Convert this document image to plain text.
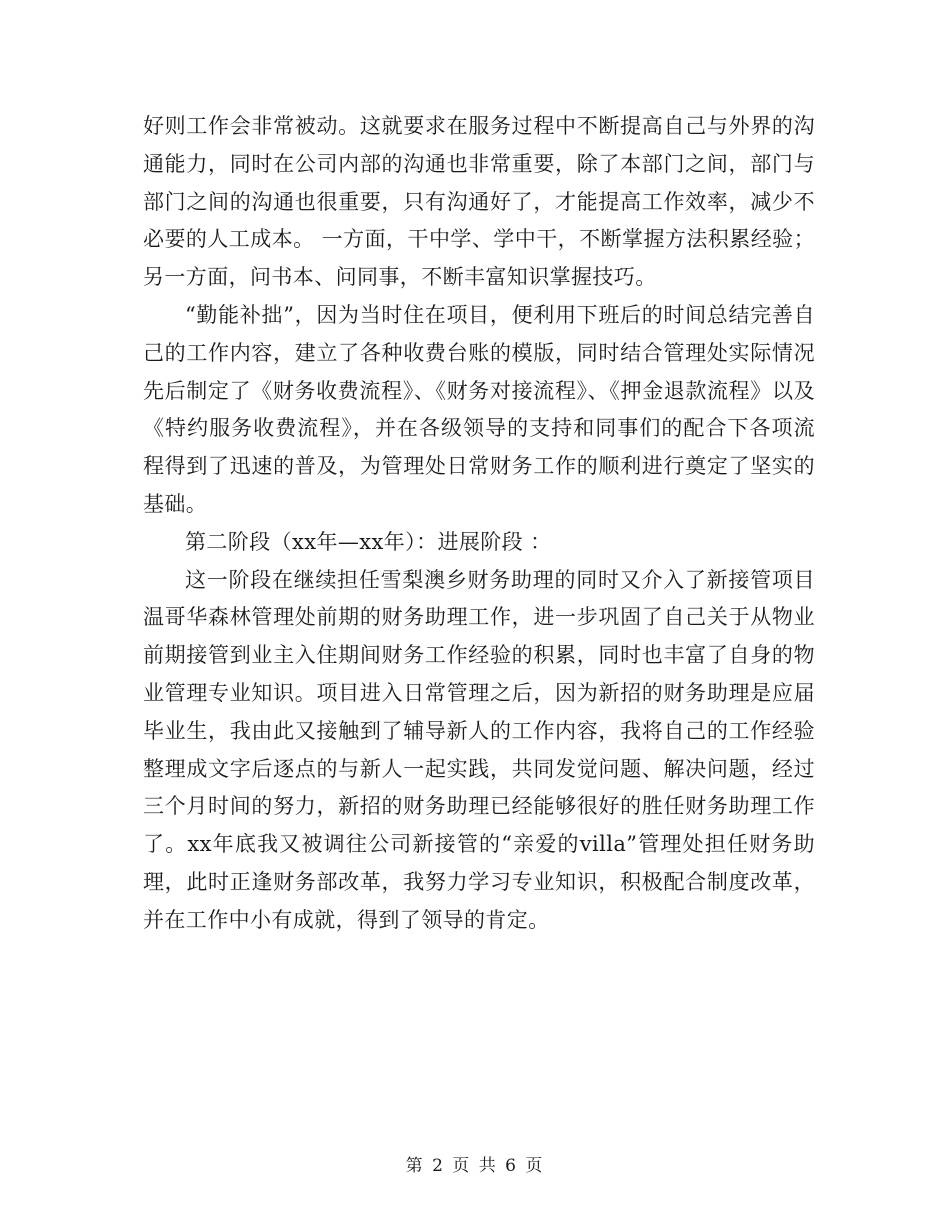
好则工作会非常被动。这就要求在服务过程中不断提高自己与外界的沟通能力，同时在公司内部的沟通也非常重要，除了本部门之间，部门与部门之间的沟通也很重要，只有沟通好了，才能提高工作效率，减少不必要的人工成本。 一方面，干中学、学中干，不断掌握方法积累经验；另一方面，问书本、问同事，不断丰富知识掌握技巧。

“勤能补拙”，因为当时住在项目，便利用下班后的时间总结完善自己的工作内容，建立了各种收费台账的模版，同时结合管理处实际情况先后制定了《财务收费流程》、《财务对接流程》、《押金退款流程》以及《特约服务收费流程》，并在各级领导的支持和同事们的配合下各项流程得到了迅速的普及，为管理处日常财务工作的顺利进行奠定了坚实的基础。

第二阶段（xx年—xx年）：进展阶段 ：

这一阶段在继续担任雪梨澳乡财务助理的同时又介入了新接管项目温哥华森林管理处前期的财务助理工作，进一步巩固了自己关于从物业前期接管到业主入住期间财务工作经验的积累，同时也丰富了自身的物业管理专业知识。项目进入日常管理之后，因为新招的财务助理是应届毕业生，我由此又接触到了辅导新人的工作内容，我将自己的工作经验整理成文字后逐点的与新人一起实践，共同发觉问题、解决问题，经过三个月时间的努力，新招的财务助理已经能够很好的胜任财务助理工作了。xx年底我又被调往公司新接管的“亲爱的villa”管理处担任财务助理，此时正逢财务部改革，我努力学习专业知识，积极配合制度改革，并在工作中小有成就，得到了领导的肯定。

第 2 页 共 6 页
